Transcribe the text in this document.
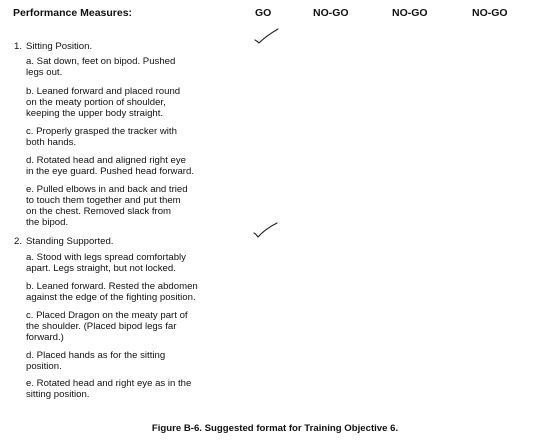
Performance Measures:	GO	NO-GO	NO-GO	NO-GO
1. Sitting Position.
a. Sat down, feet on bipod. Pushed
legs out.
b. Leaned forward and placed round
on the meaty portion of shoulder,
keeping the upper body straight.
c. Properly grasped the tracker with
both hands.
d. Rotated head and aligned right eye
in the eye guard. Pushed head forward.
e. Pulled elbows in and back and tried
to touch them together and put them
on the chest. Removed slack from
the bipod.
2. Standing Supported.
a. Stood with legs spread comfortably
apart. Legs straight, but not locked.
b. Leaned forward. Rested the abdomen
against the edge of the fighting position.
c. Placed Dragon on the meaty part of
the shoulder. (Placed bipod legs far
forward.)
d. Placed hands as for the sitting
position.
e. Rotated head and right eye as in the
sitting position.
Figure B-6. Suggested format for Training Objective 6.
